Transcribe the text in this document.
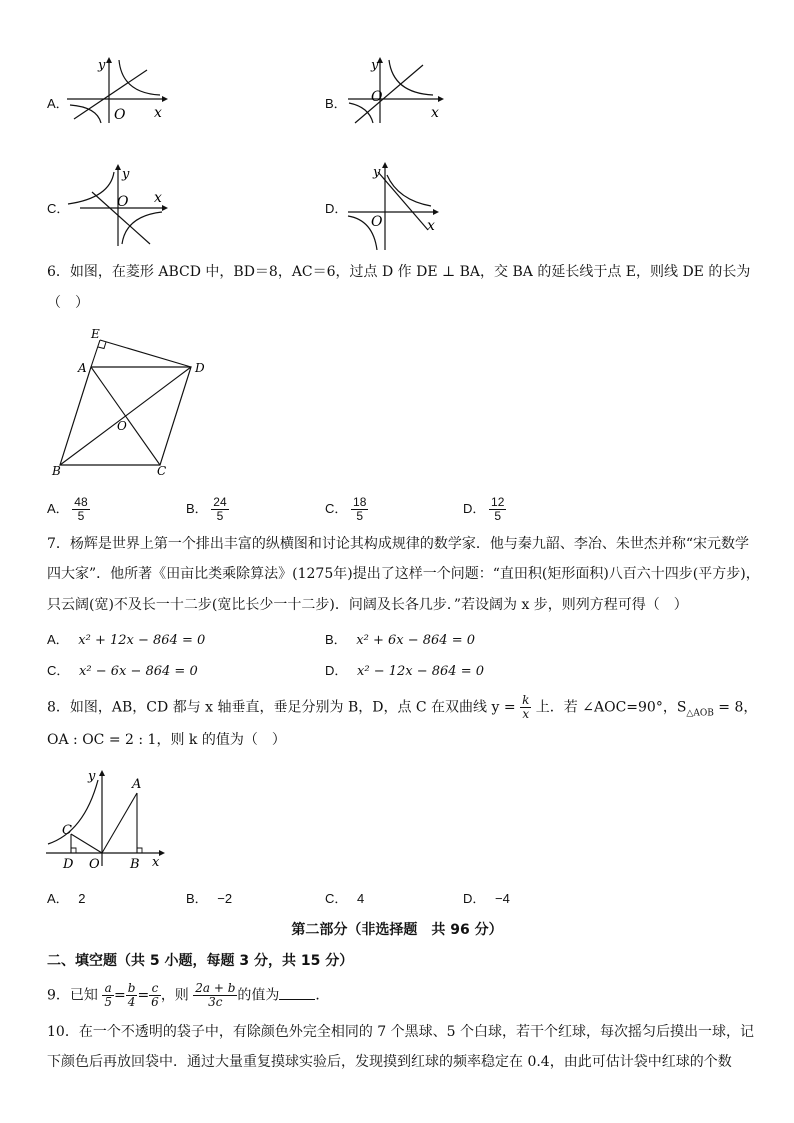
A．
y
x
O
B．
y
x
O
C．
y
x
O	D．
y
x
O
6．如图，在菱形 ABCD 中，BD＝8，AC＝6，过点 D 作 DE ⊥ BA，交 BA 的延长线于点 E，则线 DE 的长为
（　）
E
A	D
O
B	C
A． $\frac{48}{5}$	B． $\frac{24}{5}$	C． $\frac{18}{5}$	D． $\frac{12}{5}$
7．杨辉是世界上第一个排出丰富的纵横图和讨论其构成规律的数学家．他与秦九韶、李冶、朱世杰并称“宋元数学
四大家”．他所著《田亩比类乘除算法》(1275年)提出了这样一个问题：“直田积(矩形面积)八百六十四步(平方步)，
只云阔(宽)不及长一十二步(宽比长少一十二步)．问阔及长各几步．”若设阔为 x 步，则列方程可得（　）
A． x² + 12x − 864 = 0	B． x² + 6x − 864 = 0
C． x² − 6x − 864 = 0	D． x² − 12x − 864 = 0
8．如图，AB，CD 都与 x 轴垂直，垂足分别为 B，D，点 C 在双曲线 $y = \frac{k}{x}$ 上．若 ∠AOC=90°，$S_{\triangle AOB} = 8$，
OA : OC = 2 : 1，则 k 的值为（　）
y
A
C
D O B x
A． 2	B． −2	C． 4	D． −4
第二部分（非选择题　共 96 分）
二、填空题（共 5 小题，每题 3 分，共 15 分）
9．已知 $\frac{a}{5} = \frac{b}{4} = \frac{c}{6}$ ，则 $\frac{2a + b}{3c}$ 的值为	．
10．在一个不透明的袋子中，有除颜色外完全相同的 7 个黑球、5 个白球，若干个红球，每次摇匀后摸出一球，记
下颜色后再放回袋中．通过大量重复摸球实验后，发现摸到红球的频率稳定在 0.4，由此可估计袋中红球的个数
